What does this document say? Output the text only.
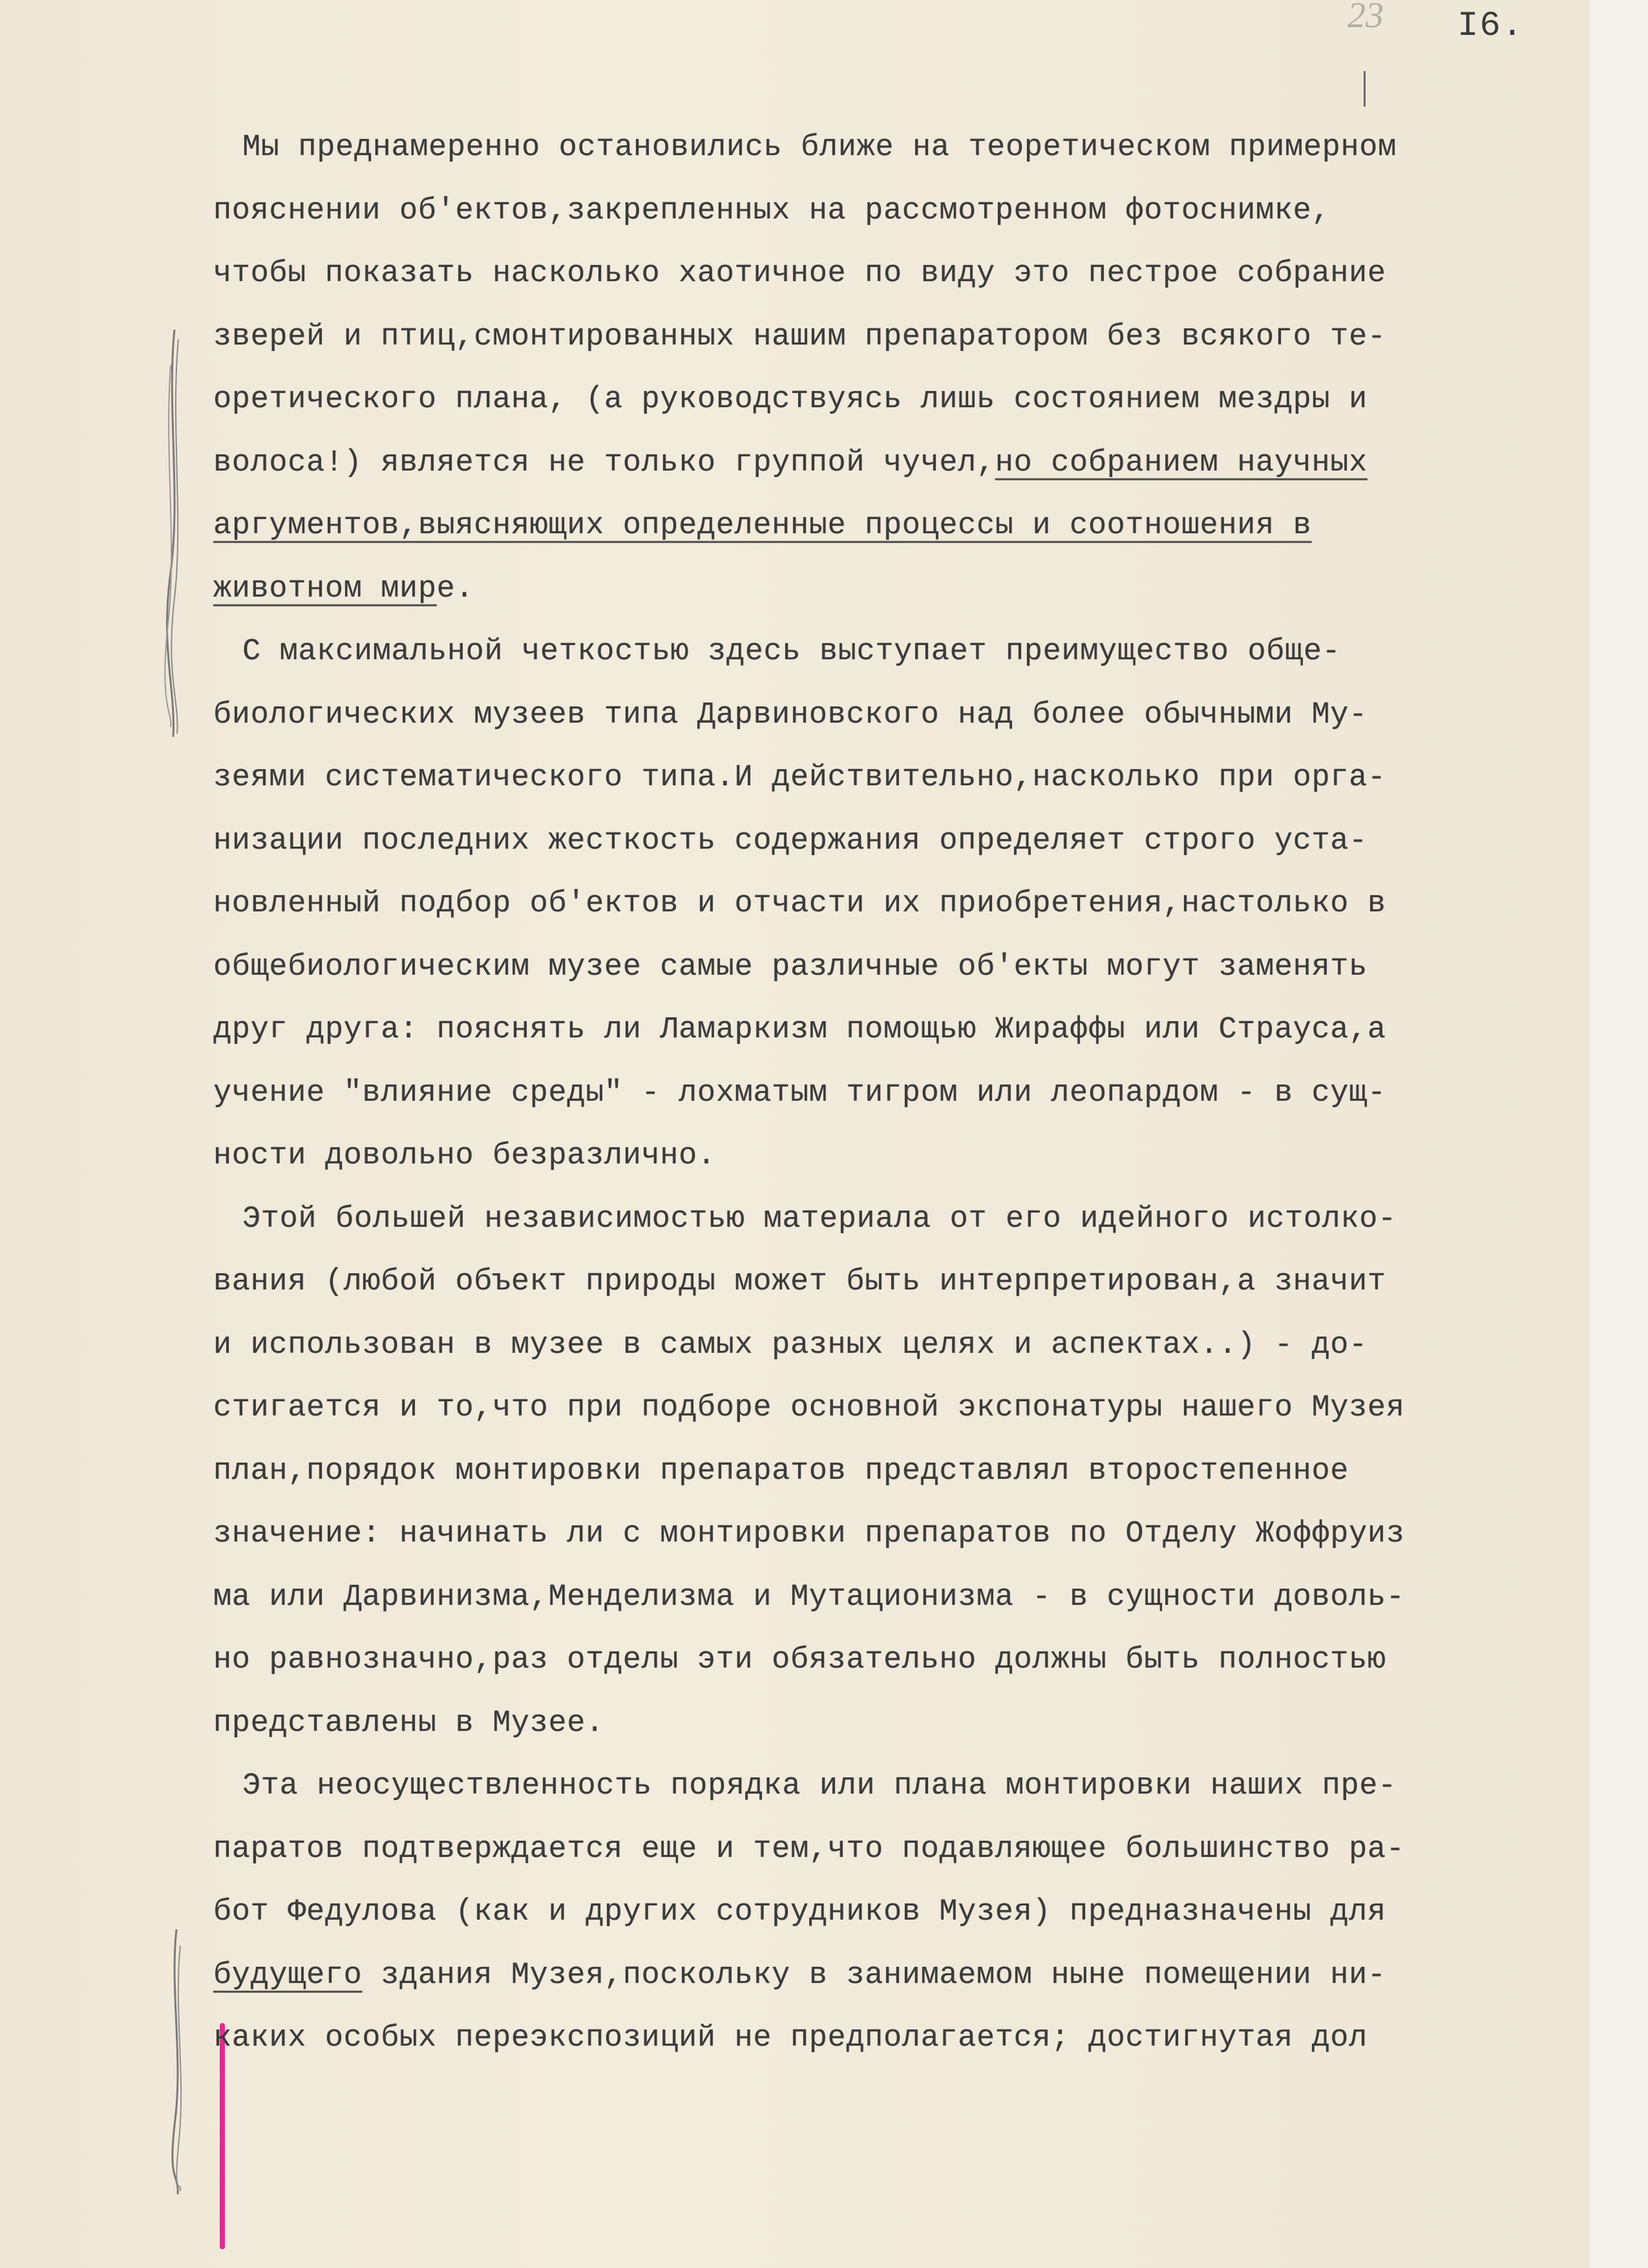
23 I6.
Мы преднамеренно остановились ближе на теоретическом примерном
пояснении об'ектов,закрепленных на рассмотренном фотоснимке,
чтобы показать насколько хаотичное по виду это пестрое собрание
зверей и птиц,смонтированных нашим препаратором без всякого те-
оретичеcкого плана, (а руководствуясь лишь состоянием мездры и
волоса!) является не только группой чучел,но собранием научных
аргументов,выясняющих определенные процессы и соотношения в
животном мире.
С максимальной четкостью здесь выступает преимущество обще-
биологических музеев типа Дарвиновского над более обычными Му-
зеями систематического типа.И действительно,насколько при орга-
низации последних жесткость содержания определяет строго уста-
новленный подбор об'ектов и отчасти их приобретения,настолько в
общебиологическим музее самые различные об'екты могут заменять
друг друга: пояснять ли Ламаркизм помощью Жираффы или Страуса,а
учение "влияние среды" - лохматым тигром или леопардом - в сущ-
ности довольно безразлично.
Этой большей независимостью материала от его идейного истолко-
вания (любой объект природы может быть интерпретирован,а значит
и использован в музее в самых разных целях и аспектах..) - до-
стигается и то,что при подборе основной экспонатуры нашего Музея
план,порядок монтировки препаратов представлял второстепенное
значение: начинать ли с монтировки препаратов по Отделу Жоффруиз
ма или Дарвинизма,Менделизма и Мутационизма - в сущности доволь-
но равнозначно,раз отделы эти обязательно должны быть полностью
представлены в Музее.
Эта неосуществленность порядка или плана монтировки наших пре-
паратов подтверждается еще и тем,что подавляющее большинство ра-
бот Федулова (как и других сотрудников Музея) предназначены для
будущего здания Музея,поскольку в занимаемом ныне помещении ни-
каких особых переэкспозиций не предполагается; достигнутая дол
